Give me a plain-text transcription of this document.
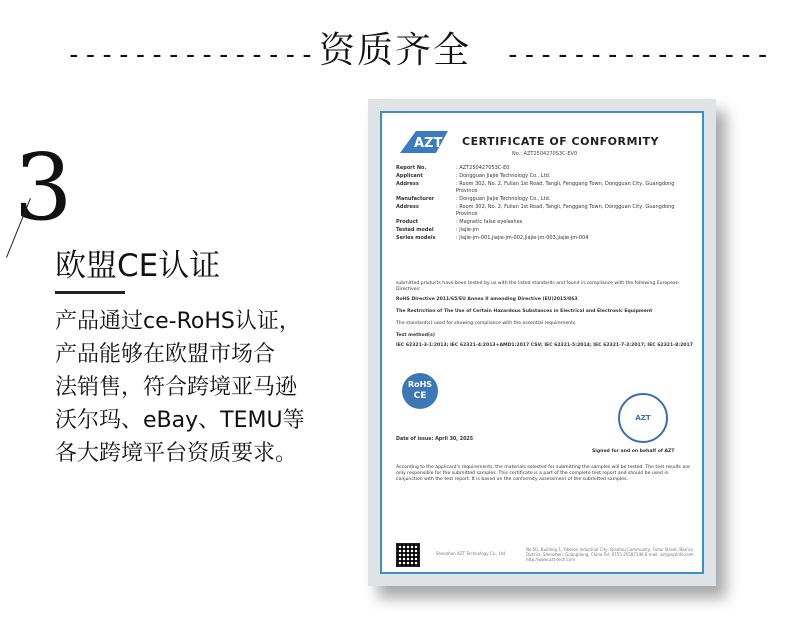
--------------- 资质齐全	----------------
3
欧盟CE认证
产品通过ce-RoHS认证，
产品能够在欧盟市场合
法销售，符合跨境亚马逊
沃尔玛、eBay、TEMU等
各大跨境平台资质要求。
AZT CERTIFICATE OF CONFORMITY
No.: AZT2504270S3C-EV0
Report No.	: AZT250427053C-E0
Applicant	: Dongguan Jiajie Technology Co., Ltd.
Address	: Room 302, No. 2, Fulian 1st Road, Tangli, Fenggang Town, Dongguan City, Guangdong Province
Manufacturer	: Dongguan Jiajie Technology Co., Ltd.
Address	: Room 302, No. 2, Fulian 1st Road, Tangli, Fenggang Town, Dongguan City, Guangdong Province
Product	: Magnetic false eyelashes
Tested model	: jiajie-jm
Series models	: jiajie-jm-001,jiajie-jm-002,jiajie-jm-003,jiajie-jm-004
submitted products have been tested by us with the listed standards and found in compliance with the following European Directives:
RoHS Directive 2011/65/EU Annex II amending Directive (EU)2015/863
The Restriction of The Use of Certain Hazardous Substances in Electrical and Electronic Equipment
The standard(s) used for showing compliance with the essential requirements
Test method(s)
IEC 62321-3-1:2013; IEC 62321-4:2013+AMD1:2017 CSV; IEC 62321-5:2014; IEC 62321-7-2:2017; IEC 62321-8:2017
RoHS
CE
AZT
Date of issue: April 30, 2025
Signed for and on behalf of AZT
According to the applicant's requirements, the materials selected for submitting the samples will be tested. The test results are only responsible for the submitted samples. This certificate is a part of the complete test report and should be used in conjunction with the test report. It is based on the conformity assessment of the submitted samples.
Shenzhen AZT Technology Co., Ltd.
No.5G, Building 1, Yiberon Industrial City, Qiaotou Community, Fuhai Street, Bao'an District, Shenzhen, Guangdong, China Tel: 0755-25587146 E-mail: azt@aztinfo.com http://www.azt-tech.com
